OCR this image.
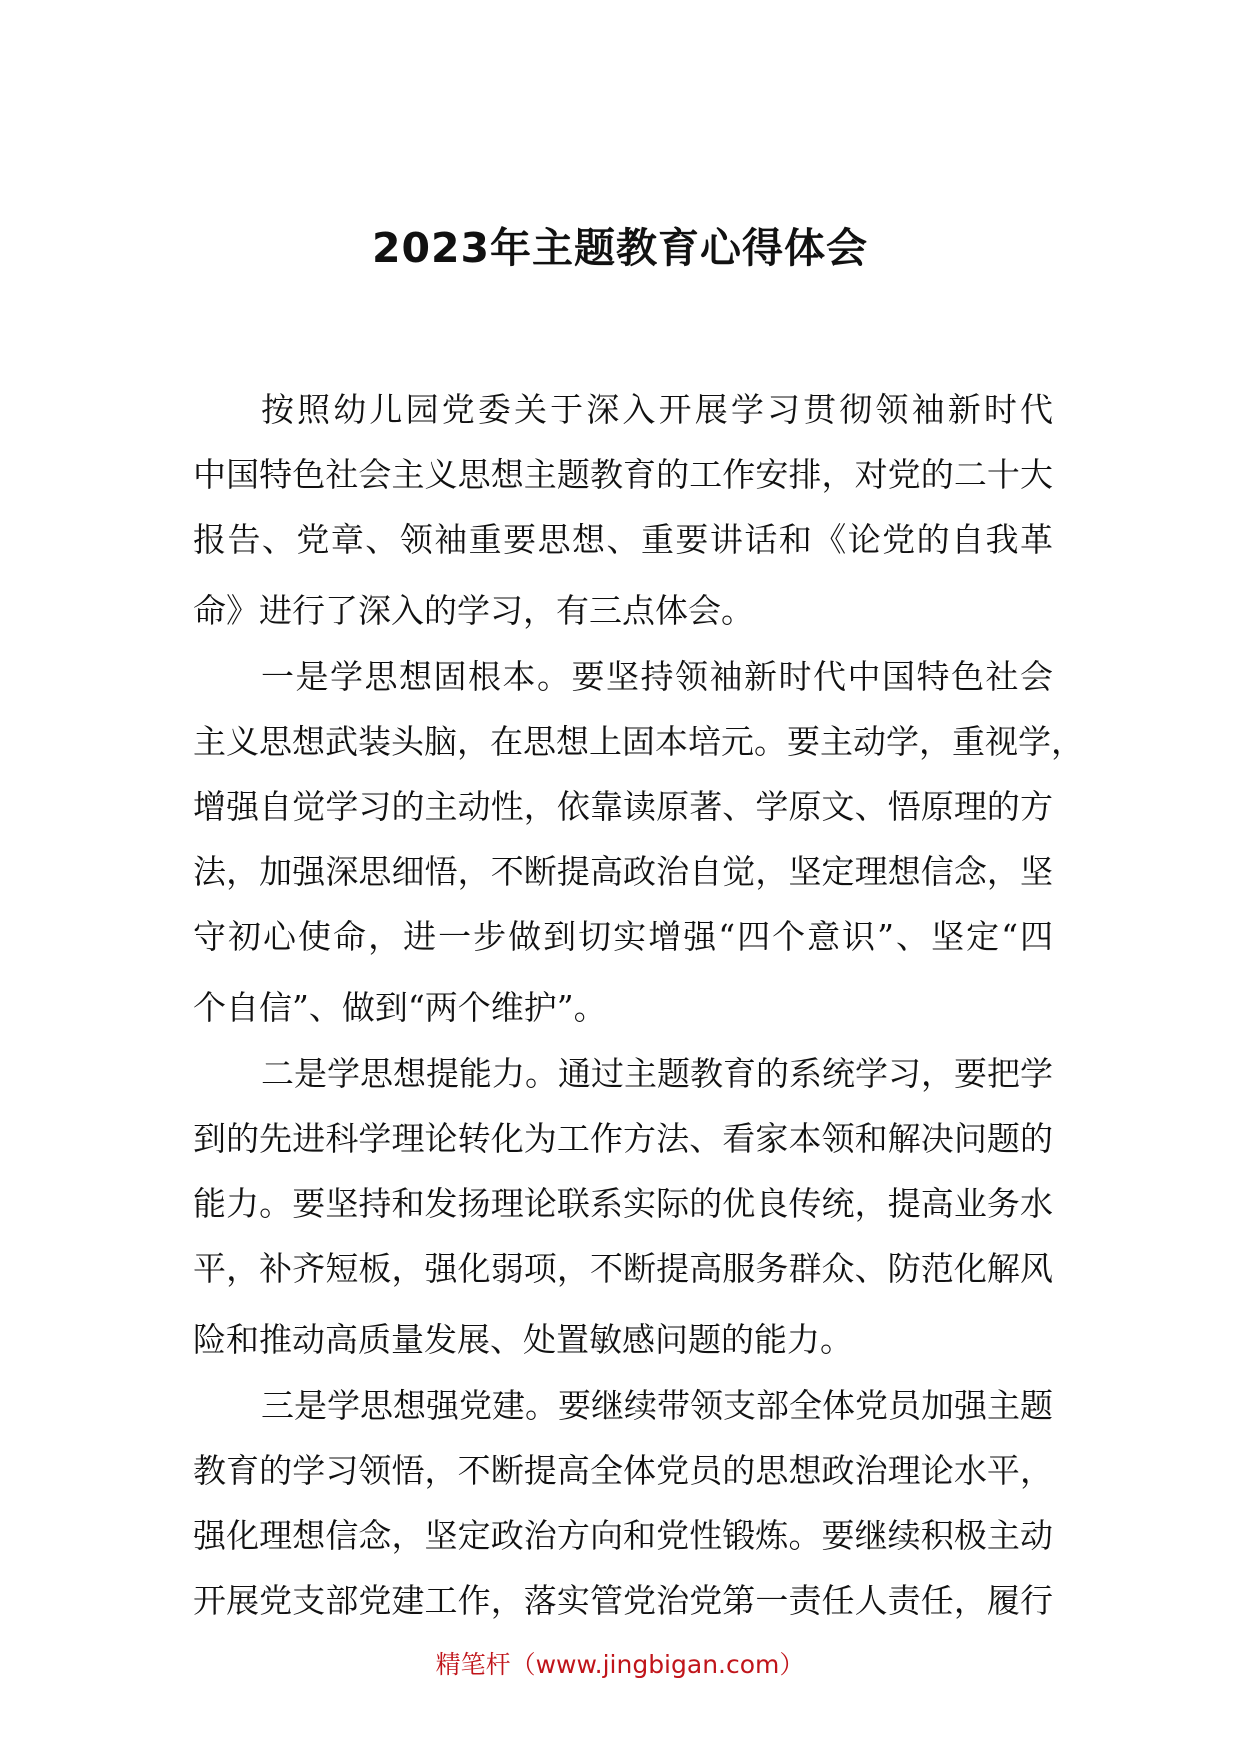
2023年主题教育心得体会

按照幼儿园党委关于深入开展学习贯彻领袖新时代

中国特色社会主义思想主题教育的工作安排，对党的二十大

报告、党章、领袖重要思想、重要讲话和《论党的自我革

命》进行了深入的学习，有三点体会。

一是学思想固根本。要坚持领袖新时代中国特色社会

主义思想武装头脑，在思想上固本培元。要主动学，重视学，

增强自觉学习的主动性，依靠读原著、学原文、悟原理的方

法，加强深思细悟，不断提高政治自觉，坚定理想信念，坚

守初心使命，进一步做到切实增强“四个意识”、坚定“四

个自信”、做到“两个维护”。

二是学思想提能力。通过主题教育的系统学习，要把学

到的先进科学理论转化为工作方法、看家本领和解决问题的

能力。要坚持和发扬理论联系实际的优良传统，提高业务水

平，补齐短板，强化弱项，不断提高服务群众、防范化解风

险和推动高质量发展、处置敏感问题的能力。

三是学思想强党建。要继续带领支部全体党员加强主题

教育的学习领悟，不断提高全体党员的思想政治理论水平，

强化理想信念，坚定政治方向和党性锻炼。要继续积极主动

开展党支部党建工作，落实管党治党第一责任人责任，履行

精笔杆（www.jingbigan.com）
